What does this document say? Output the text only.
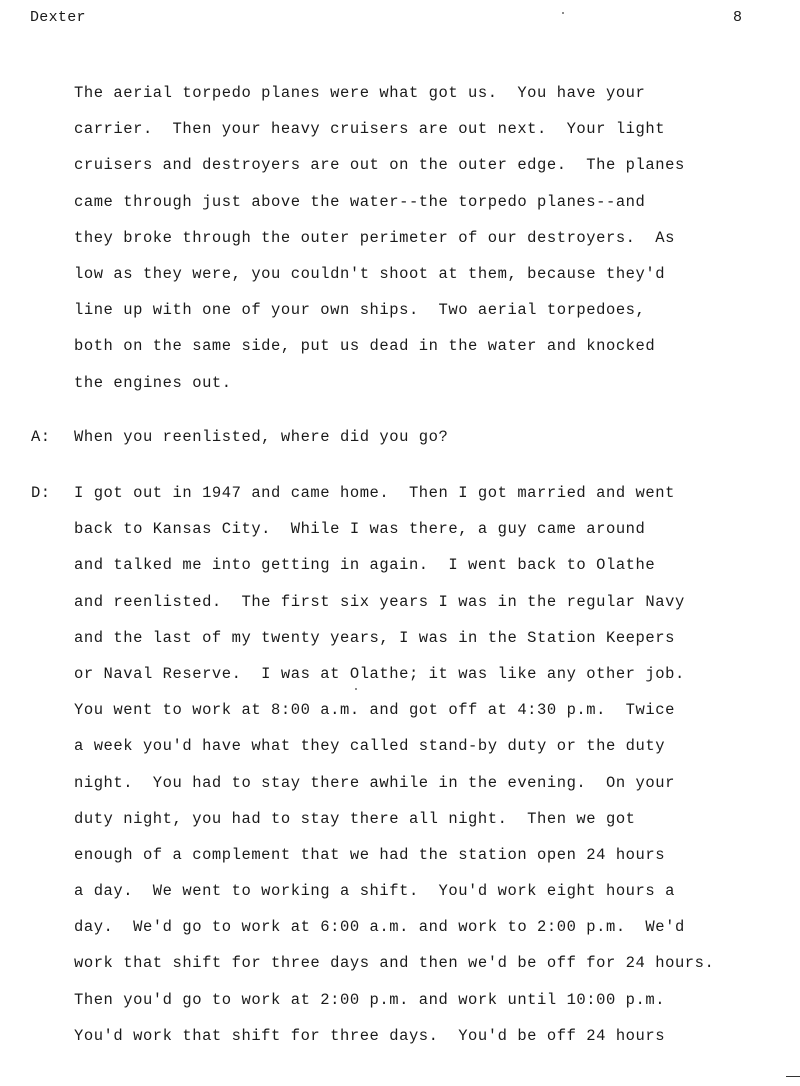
Dexter	8
The aerial torpedo planes were what got us.  You have your
carrier.  Then your heavy cruisers are out next.  Your light
cruisers and destroyers are out on the outer edge.  The planes
came through just above the water--the torpedo planes--and
they broke through the outer perimeter of our destroyers.  As
low as they were, you couldn't shoot at them, because they'd
line up with one of your own ships.  Two aerial torpedoes,
both on the same side, put us dead in the water and knocked
the engines out.
A: When you reenlisted, where did you go?
D: I got out in 1947 and came home.  Then I got married and went
back to Kansas City.  While I was there, a guy came around
and talked me into getting in again.  I went back to Olathe
and reenlisted.  The first six years I was in the regular Navy
and the last of my twenty years, I was in the Station Keepers
or Naval Reserve.  I was at Olathe; it was like any other job.
You went to work at 8:00 a.m. and got off at 4:30 p.m.  Twice
a week you'd have what they called stand-by duty or the duty
night.  You had to stay there awhile in the evening.  On your
duty night, you had to stay there all night.  Then we got
enough of a complement that we had the station open 24 hours
a day.  We went to working a shift.  You'd work eight hours a
day.  We'd go to work at 6:00 a.m. and work to 2:00 p.m.  We'd
work that shift for three days and then we'd be off for 24 hours.
Then you'd go to work at 2:00 p.m. and work until 10:00 p.m.
You'd work that shift for three days.  You'd be off 24 hours
